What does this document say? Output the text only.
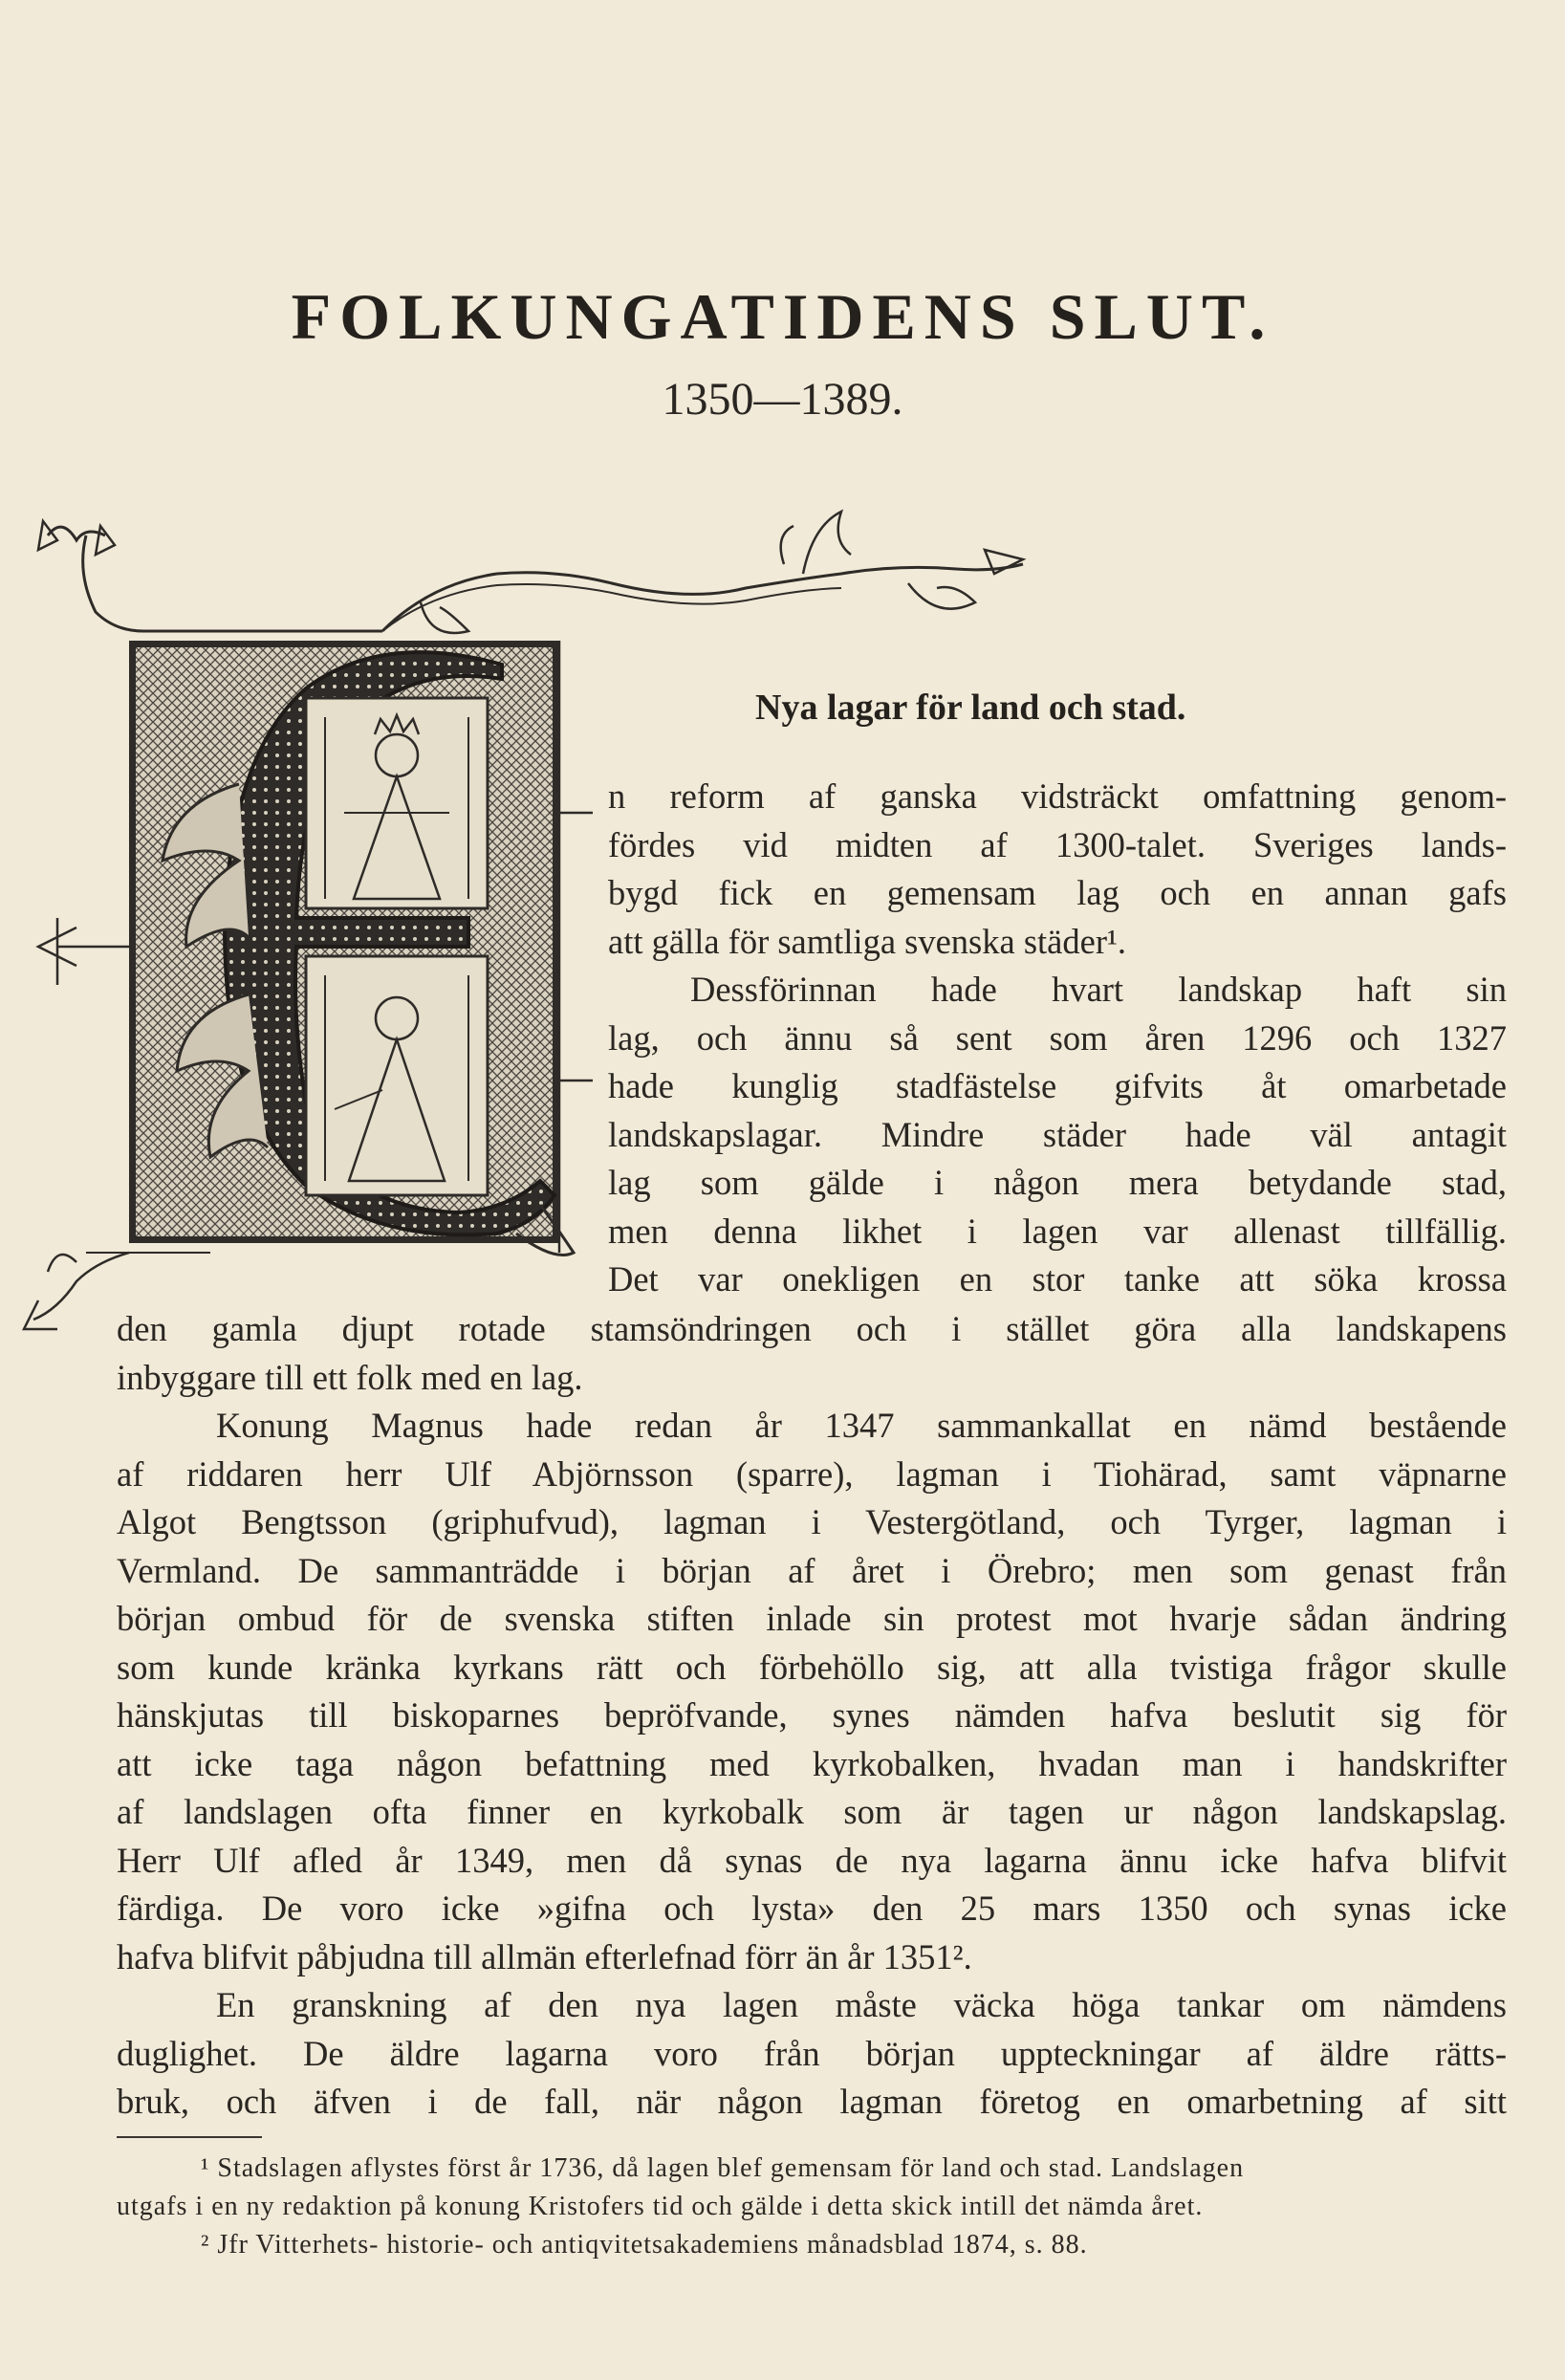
FOLKUNGATIDENS SLUT.
1350—1389.
Nya lagar för land och stad.

n reform af ganska vidsträckt omfattning genom-
fördes vid midten af 1300-talet. Sveriges lands-
bygd fick en gemensam lag och en annan gafs
att gälla för samtliga svenska städer¹.
Dessförinnan hade hvart landskap haft sin
lag, och ännu så sent som åren 1296 och 1327
hade kunglig stadfästelse gifvits åt omarbetade
landskapslagar. Mindre städer hade väl antagit
lag som gälde i någon mera betydande stad,
men denna likhet i lagen var allenast tillfällig.
Det var onekligen en stor tanke att söka krossa

den gamla djupt rotade stamsöndringen och i stället göra alla landskapens
inbyggare till ett folk med en lag.
Konung Magnus hade redan år 1347 sammankallat en nämd bestående
af riddaren herr Ulf Abjörnsson (sparre), lagman i Tiohärad, samt väpnarne
Algot Bengtsson (griphufvud), lagman i Vestergötland, och Tyrger, lagman i
Vermland. De sammanträdde i början af året i Örebro; men som genast från
början ombud för de svenska stiften inlade sin protest mot hvarje sådan ändring
som kunde kränka kyrkans rätt och förbehöllo sig, att alla tvistiga frågor skulle
hänskjutas till biskoparnes bepröfvande, synes nämden hafva beslutit sig för
att icke taga någon befattning med kyrkobalken, hvadan man i handskrifter
af landslagen ofta finner en kyrkobalk som är tagen ur någon landskapslag.
Herr Ulf afled år 1349, men då synas de nya lagarna ännu icke hafva blifvit
färdiga. De voro icke »gifna och lysta» den 25 mars 1350 och synas icke
hafva blifvit påbjudna till allmän efterlefnad förr än år 1351².
En granskning af den nya lagen måste väcka höga tankar om nämdens
duglighet. De äldre lagarna voro från början uppteckningar af äldre rätts-
bruk, och äfven i de fall, när någon lagman företog en omarbetning af sitt

¹ Stadslagen aflystes först år 1736, då lagen blef gemensam för land och stad. Landslagen
utgafs i en ny redaktion på konung Kristofers tid och gälde i detta skick intill det nämda året.
² Jfr Vitterhets- historie- och antiqvitetsakademiens månadsblad 1874, s. 88.
